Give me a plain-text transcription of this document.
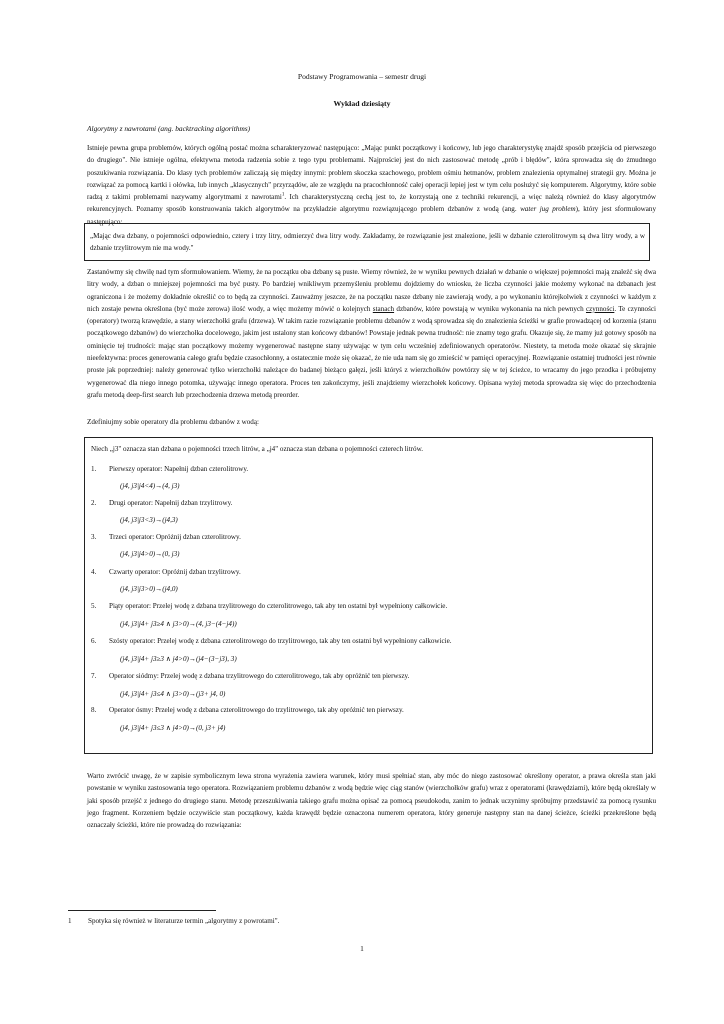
Podstawy Programowania – semestr drugi
Wykład dziesiąty
Algorytmy z nawrotami (ang. backtracking algorithms)

Istnieje pewna grupa problemów, których ogólną postać można scharakteryzować następująco: „Mając punkt początkowy i końcowy, lub jego charakterystykę znajdź sposób przejścia od pierwszego do drugiego". Nie istnieje ogólna, efektywna metoda radzenia sobie z tego typu problemami. Najprościej jest do nich zastosować metodę „prób i błędów", która sprowadza się do żmudnego poszukiwania rozwiązania. Do klasy tych problemów zaliczają się między innymi: problem skoczka szachowego, problem ośmiu hetmanów, problem znalezienia optymalnej strategii gry. Można je rozwiązać za pomocą kartki i ołówka, lub innych „klasycznych" przyrządów, ale ze względu na pracochłonność całej operacji lepiej jest w tym celu posłużyć się komputerem. Algorytmy, które sobie radzą z takimi problemami nazywamy algorytmami z nawrotami$^1$. Ich charakterystyczną cechą jest to, że korzystają one z techniki rekurencji, a więc należą również do klasy algorytmów rekurencyjnych. Poznamy sposób konstruowania takich algorytmów na przykładzie algorytmu rozwiązującego problem dzbanów z wodą (ang. water jug problem), który jest sformułowany następująco:

„Mając dwa dzbany, o pojemności odpowiednio, cztery i trzy litry, odmierzyć dwa litry wody. Zakładamy, że rozwiązanie jest znalezione, jeśli w dzbanie czterolitrowym są dwa litry wody, a w dzbanie trzylitrowym nie ma wody."

Zastanówmy się chwilę nad tym sformułowaniem. Wiemy, że na początku oba dzbany są puste. Wiemy również, że w wyniku pewnych działań w dzbanie o większej pojemności mają znaleźć się dwa litry wody, a dzban o mniejszej pojemności ma być pusty. Po bardziej wnikliwym przemyśleniu problemu dojdziemy do wniosku, że liczba czynności jakie możemy wykonać na dzbanach jest ograniczona i że możemy dokładnie określić co to będą za czynności. Zauważmy jeszcze, że na początku nasze dzbany nie zawierają wody, a po wykonaniu którejkolwiek z czynności w każdym z nich zostaje pewna określona (być może zerowa) ilość wody, a więc możemy mówić o kolejnych stanach dzbanów, które powstają w wyniku wykonania na nich pewnych czynności. Te czynności (operatory) tworzą krawędzie, a stany wierzchołki grafu (drzewa). W takim razie rozwiązanie problemu dzbanów z wodą sprowadza się do znalezienia ścieżki w grafie prowadzącej od korzenia (stanu początkowego dzbanów) do wierzchołka docelowego, jakim jest ustalony stan końcowy dzbanów! Powstaje jednak pewna trudność: nie znamy tego grafu. Okazuje się, że mamy już gotowy sposób na ominięcie tej trudności: mając stan początkowy możemy wygenerować następne stany używając w tym celu wcześniej zdefiniowanych operatorów. Niestety, ta metoda może okazać się skrajnie nieefektywna: proces generowania całego grafu będzie czasochłonny, a ostatecznie może się okazać, że nie uda nam się go zmieścić w pamięci operacyjnej. Rozwiązanie ostatniej trudności jest równie proste jak poprzedniej: należy generować tylko wierzchołki należące do badanej bieżąco gałęzi, jeśli któryś z wierzchołków powtórzy się w tej ścieżce, to wracamy do jego przodka i próbujemy wygenerować dla niego innego potomka, używając innego operatora. Proces ten zakończymy, jeśli znajdziemy wierzchołek końcowy. Opisana wyżej metoda sprowadza się więc do przechodzenia grafu metodą deep-first search lub przechodzenia drzewa metodą preorder.

Zdefiniujmy sobie operatory dla problemu dzbanów z wodą:

Niech „j3" oznacza stan dzbana o pojemności trzech litrów, a „j4" oznacza stan dzbana o pojemności czterech litrów.
1. Pierwszy operator: Napełnij dzban czterolitrowy.
(j4, j3|j4<4)→(4, j3)
2. Drugi operator: Napełnij dzban trzylitrowy.
(j4, j3|j3<3)→(j4,3)
3. Trzeci operator: Opróżnij dzban czterolitrowy.
(j4, j3|j4>0)→(0, j3)
4. Czwarty operator: Opróżnij dzban trzylitrowy.
(j4, j3|j3>0)→(j4,0)
5. Piąty operator: Przelej wodę z dzbana trzylitrowego do czterolitrowego, tak aby ten ostatni był wypełniony całkowicie.
(j4, j3|j4+ j3≥4 ∧ j3>0)→(4, j3−(4−j4))
6. Szósty operator: Przelej wodę z dzbana czterolitrowego do trzylitrowego, tak aby ten ostatni był wypełniony całkowicie.
(j4, j3|j4+ j3≥3 ∧ j4>0)→(j4−(3−j3), 3)
7. Operator siódmy: Przelej wodę z dzbana trzylitrowego do czterolitrowego, tak aby opróżnić ten pierwszy.
(j4, j3|j4+ j3≤4 ∧ j3>0)→(j3+ j4, 0)
8. Operator ósmy: Przelej wodę z dzbana czterolitrowego do trzylitrowego, tak aby opróżnić ten pierwszy.
(j4, j3|j4+ j3≤3 ∧ j4>0)→(0, j3+ j4)

Warto zwrócić uwagę, że w zapisie symbolicznym lewa strona wyrażenia zawiera warunek, który musi spełniać stan, aby móc do niego zastosować określony operator, a prawa określa stan jaki powstanie w wyniku zastosowania tego operatora. Rozwiązaniem problemu dzbanów z wodą będzie więc ciąg stanów (wierzchołków grafu) wraz z operatorami (krawędziami), które będą określały w jaki sposób przejść z jednego do drugiego stanu. Metodę przeszukiwania takiego grafu można opisać za pomocą pseudokodu, zanim to jednak uczynimy spróbujmy przedstawić za pomocą rysunku jego fragment. Korzeniem będzie oczywiście stan początkowy, każda krawędź będzie oznaczona numerem operatora, który generuje następny stan na danej ścieżce, ścieżki przekreślone będą oznaczały ścieżki, które nie prowadzą do rozwiązania:

1 Spotyka się również w literaturze termin „algorytmy z powrotami".
1
